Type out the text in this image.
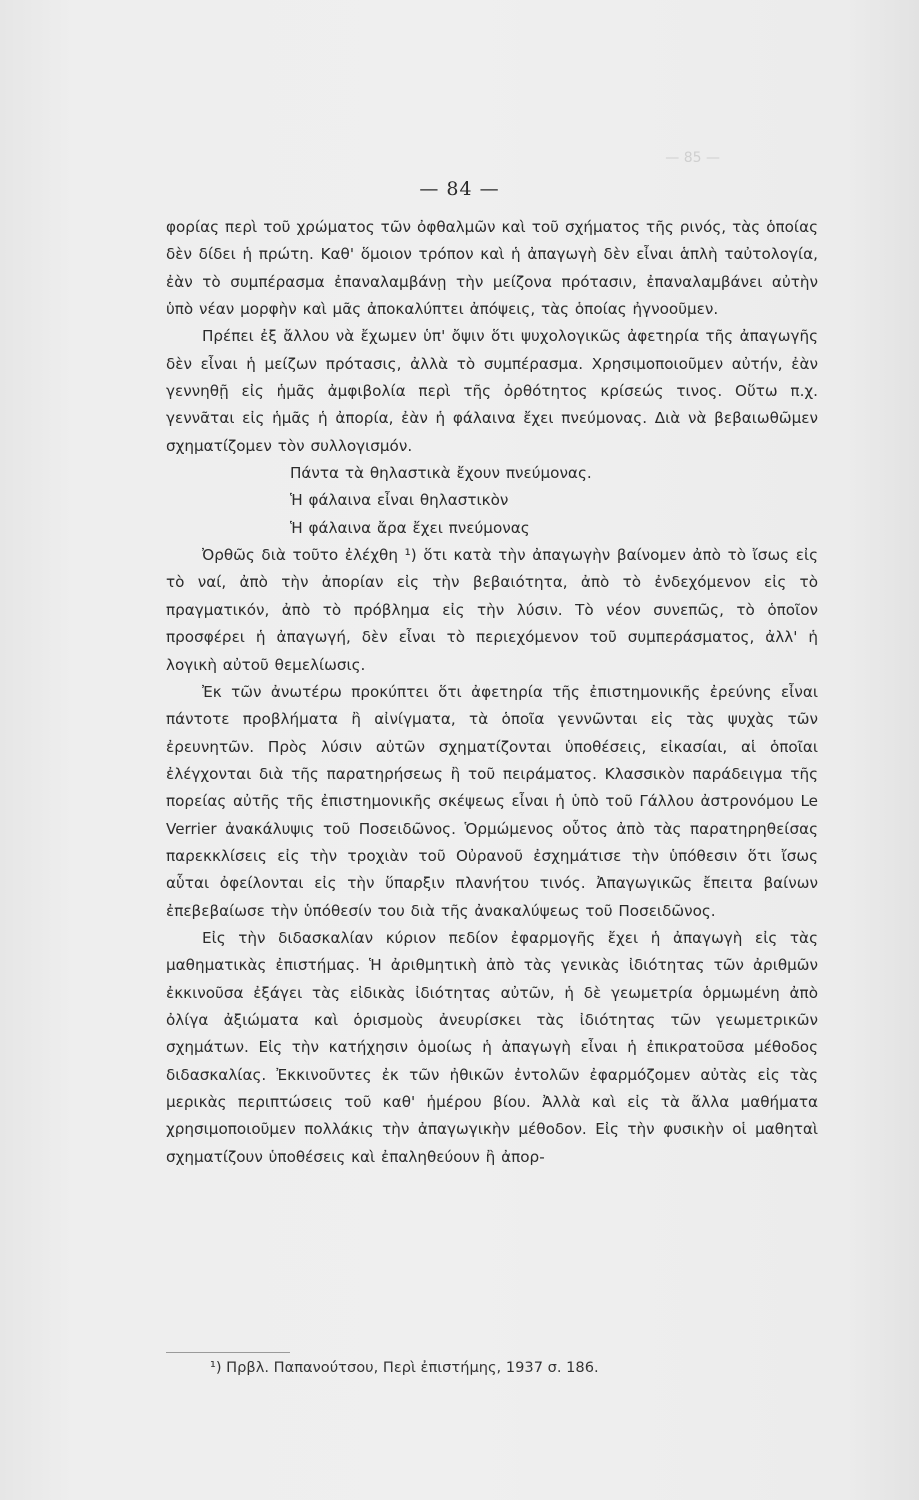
— 85 —
— 84 —

φορίας περὶ τοῦ χρώματος τῶν ὀφθαλμῶν καὶ τοῦ σχήματος τῆς ρινός, τὰς ὁποίας δὲν δίδει ἡ πρώτη. Καθ' ὅμοιον τρόπον καὶ ἡ ἀπαγωγὴ δὲν εἶναι ἁπλὴ ταὐτολογία, ἐὰν τὸ συμπέρασμα ἐπαναλαμβάνῃ τὴν μείζονα πρότασιν, ἐπαναλαμβάνει αὐτὴν ὑπὸ νέαν μορφὴν καὶ μᾶς ἀποκαλύπτει ἀπόψεις, τὰς ὁποίας ἠγνοοῦμεν.

Πρέπει ἐξ ἄλλου νὰ ἔχωμεν ὑπ' ὄψιν ὅτι ψυχολογικῶς ἀφετηρία τῆς ἀπαγωγῆς δὲν εἶναι ἡ μείζων πρότασις, ἀλλὰ τὸ συμπέρασμα. Χρησιμοποιοῦμεν αὐτήν, ἐὰν γεννηθῇ εἰς ἡμᾶς ἀμφιβολία περὶ τῆς ὀρθότητος κρίσεώς τινος. Οὕτω π.χ. γεννᾶται εἰς ἡμᾶς ἡ ἀπορία, ἐὰν ἡ φάλαινα ἔχει πνεύμονας. Διὰ νὰ βεβαιωθῶμεν σχηματίζομεν τὸν συλλογισμόν.

Πάντα τὰ θηλαστικὰ ἔχουν πνεύμονας.
Ἡ φάλαινα εἶναι θηλαστικὸν
Ἡ φάλαινα ἄρα ἔχει πνεύμονας

Ὀρθῶς διὰ τοῦτο ἐλέχθη ¹) ὅτι κατὰ τὴν ἀπαγωγὴν βαίνομεν ἀπὸ τὸ ἴσως εἰς τὸ ναί, ἀπὸ τὴν ἀπορίαν εἰς τὴν βεβαιότητα, ἀπὸ τὸ ἐνδεχόμενον εἰς τὸ πραγματικόν, ἀπὸ τὸ πρόβλημα εἰς τὴν λύσιν. Τὸ νέον συνεπῶς, τὸ ὁποῖον προσφέρει ἡ ἀπαγωγή, δὲν εἶναι τὸ περιεχόμενον τοῦ συμπεράσματος, ἀλλ' ἡ λογικὴ αὐτοῦ θεμελίωσις.

Ἐκ τῶν ἀνωτέρω προκύπτει ὅτι ἀφετηρία τῆς ἐπιστημονικῆς ἐρεύνης εἶναι πάντοτε προβλήματα ἢ αἰνίγματα, τὰ ὁποῖα γεννῶνται εἰς τὰς ψυχὰς τῶν ἐρευνητῶν. Πρὸς λύσιν αὐτῶν σχηματίζονται ὑποθέσεις, εἰκασίαι, αἱ ὁποῖαι ἐλέγχονται διὰ τῆς παρατηρήσεως ἢ τοῦ πειράματος. Κλασσικὸν παράδειγμα τῆς πορείας αὐτῆς τῆς ἐπιστημονικῆς σκέψεως εἶναι ἡ ὑπὸ τοῦ Γάλλου ἀστρονόμου Le Verrier ἀνακάλυψις τοῦ Ποσειδῶνος. Ὁρμώμενος οὗτος ἀπὸ τὰς παρατηρηθείσας παρεκκλίσεις εἰς τὴν τροχιὰν τοῦ Οὐρανοῦ ἐσχημάτισε τὴν ὑπόθεσιν ὅτι ἴσως αὗται ὀφείλονται εἰς τὴν ὕπαρξιν πλανήτου τινός. Ἀπαγωγικῶς ἔπειτα βαίνων ἐπεβεβαίωσε τὴν ὑπόθεσίν του διὰ τῆς ἀνακαλύψεως τοῦ Ποσειδῶνος.

Εἰς τὴν διδασκαλίαν κύριον πεδίον ἐφαρμογῆς ἔχει ἡ ἀπαγωγὴ εἰς τὰς μαθηματικὰς ἐπιστήμας. Ἡ ἀριθμητικὴ ἀπὸ τὰς γενικὰς ἰδιότητας τῶν ἀριθμῶν ἐκκινοῦσα ἐξάγει τὰς εἰδικὰς ἰδιότητας αὐτῶν, ἡ δὲ γεωμετρία ὁρμωμένη ἀπὸ ὀλίγα ἀξιώματα καὶ ὁρισμοὺς ἀνευρίσκει τὰς ἰδιότητας τῶν γεωμετρικῶν σχημάτων. Εἰς τὴν κατήχησιν ὁμοίως ἡ ἀπαγωγὴ εἶναι ἡ ἐπικρατοῦσα μέθοδος διδασκαλίας. Ἐκκινοῦντες ἐκ τῶν ἠθικῶν ἐντολῶν ἐφαρμόζομεν αὐτὰς εἰς τὰς μερικὰς περιπτώσεις τοῦ καθ' ἡμέρου βίου. Ἀλλὰ καὶ εἰς τὰ ἄλλα μαθήματα χρησιμοποιοῦμεν πολλάκις τὴν ἀπαγωγικὴν μέθοδον. Εἰς τὴν φυσικὴν οἱ μαθηταὶ σχηματίζουν ὑποθέσεις καὶ ἐπαληθεύουν ἢ ἀπορ-

¹) Πρβλ. Παπανούτσου, Περὶ ἐπιστήμης, 1937 σ. 186.
